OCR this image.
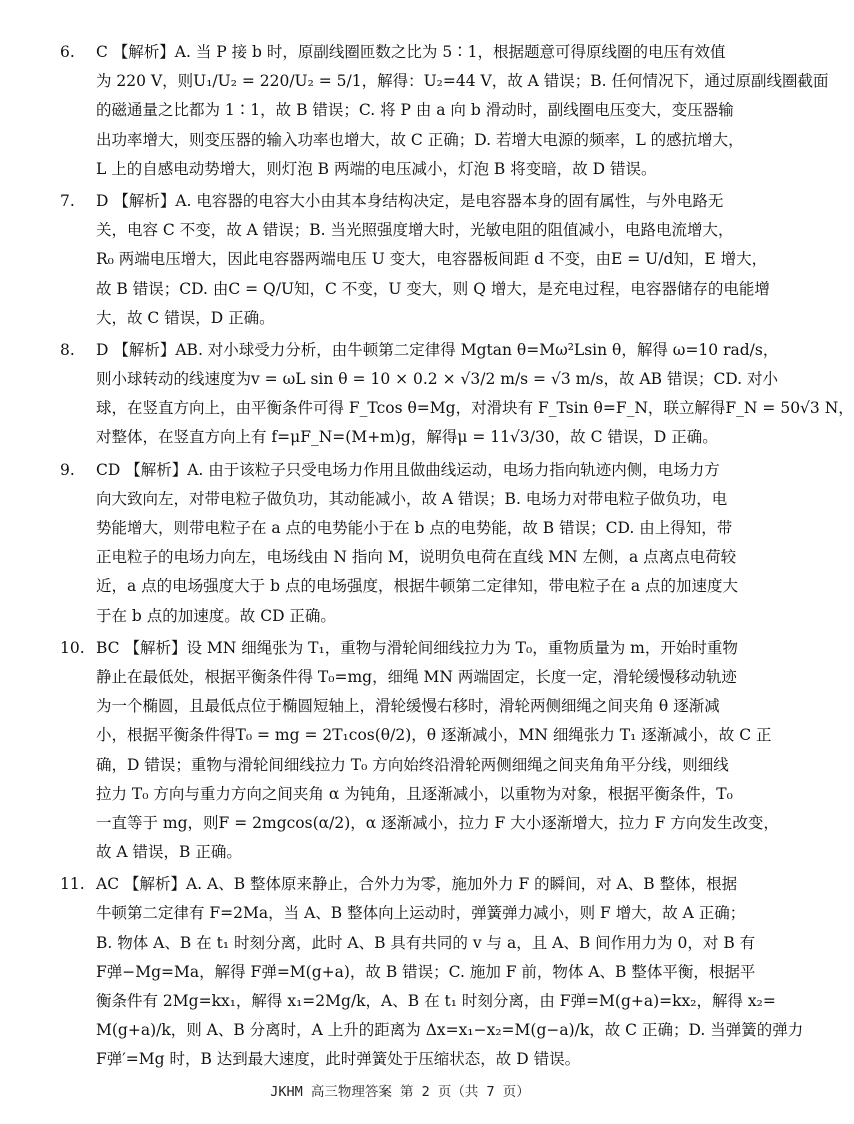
6. C 【解析】A. 当 P 接 b 时，原副线圈匝数之比为 5∶1，根据题意可得原线圈的电压有效值
为 220 V，则U₁/U₂ = 220/U₂ = 5/1，解得：U₂=44 V，故 A 错误；B. 任何情况下，通过原副线圈截面
的磁通量之比都为 1∶1，故 B 错误；C. 将 P 由 a 向 b 滑动时，副线圈电压变大，变压器输
出功率增大，则变压器的输入功率也增大，故 C 正确；D. 若增大电源的频率，L 的感抗增大，
L 上的自感电动势增大，则灯泡 B 两端的电压减小，灯泡 B 将变暗，故 D 错误。
7. D 【解析】A. 电容器的电容大小由其本身结构决定，是电容器本身的固有属性，与外电路无
关，电容 C 不变，故 A 错误；B. 当光照强度增大时，光敏电阻的阻值减小，电路电流增大，
R₀ 两端电压增大，因此电容器两端电压 U 变大，电容器板间距 d 不变，由E = U/d知，E 增大，
故 B 错误；CD. 由C = Q/U知，C 不变，U 变大，则 Q 增大，是充电过程，电容器储存的电能增
大，故 C 错误，D 正确。
8. D 【解析】AB. 对小球受力分析，由牛顿第二定律得 Mgtan θ=Mω²Lsin θ，解得 ω=10 rad/s，
则小球转动的线速度为v = ωL sin θ = 10 × 0.2 × √3/2 m/s = √3 m/s，故 AB 错误；CD. 对小
球，在竖直方向上，由平衡条件可得 F_Tcos θ=Mg，对滑块有 F_Tsin θ=F_N，联立解得F_N = 50√3 N，
对整体，在竖直方向上有 f=μF_N=(M+m)g，解得μ = 11√3/30，故 C 错误，D 正确。
9. CD 【解析】A. 由于该粒子只受电场力作用且做曲线运动，电场力指向轨迹内侧，电场力方
向大致向左，对带电粒子做负功，其动能减小，故 A 错误；B. 电场力对带电粒子做负功，电
势能增大，则带电粒子在 a 点的电势能小于在 b 点的电势能，故 B 错误；CD. 由上得知，带
正电粒子的电场力向左，电场线由 N 指向 M，说明负电荷在直线 MN 左侧，a 点离点电荷较
近，a 点的电场强度大于 b 点的电场强度，根据牛顿第二定律知，带电粒子在 a 点的加速度大
于在 b 点的加速度。故 CD 正确。
10. BC 【解析】设 MN 细绳张为 T₁，重物与滑轮间细线拉力为 T₀，重物质量为 m，开始时重物
静止在最低处，根据平衡条件得 T₀=mg，细绳 MN 两端固定，长度一定，滑轮缓慢移动轨迹
为一个椭圆，且最低点位于椭圆短轴上，滑轮缓慢右移时，滑轮两侧细绳之间夹角 θ 逐渐减
小，根据平衡条件得T₀ = mg = 2T₁cos(θ/2)，θ 逐渐减小，MN 细绳张力 T₁ 逐渐减小，故 C 正
确，D 错误；重物与滑轮间细线拉力 T₀ 方向始终沿滑轮两侧细绳之间夹角角平分线，则细线
拉力 T₀ 方向与重力方向之间夹角 α 为钝角，且逐渐减小，以重物为对象，根据平衡条件，T₀
一直等于 mg，则F = 2mgcos(α/2)，α 逐渐减小，拉力 F 大小逐渐增大，拉力 F 方向发生改变，
故 A 错误，B 正确。
11. AC 【解析】A. A、B 整体原来静止，合外力为零，施加外力 F 的瞬间，对 A、B 整体，根据
牛顿第二定律有 F=2Ma，当 A、B 整体向上运动时，弹簧弹力减小，则 F 增大，故 A 正确；
B. 物体 A、B 在 t₁ 时刻分离，此时 A、B 具有共同的 v 与 a，且 A、B 间作用力为 0，对 B 有
F弹−Mg=Ma，解得 F弹=M(g+a)，故 B 错误；C. 施加 F 前，物体 A、B 整体平衡，根据平
衡条件有 2Mg=kx₁，解得 x₁=2Mg/k，A、B 在 t₁ 时刻分离，由 F弹=M(g+a)=kx₂，解得 x₂=
M(g+a)/k，则 A、B 分离时，A 上升的距离为 Δx=x₁−x₂=M(g−a)/k，故 C 正确；D. 当弹簧的弹力
F弹′=Mg 时，B 达到最大速度，此时弹簧处于压缩状态，故 D 错误。
JKHM 高三物理答案 第 2 页（共 7 页）
